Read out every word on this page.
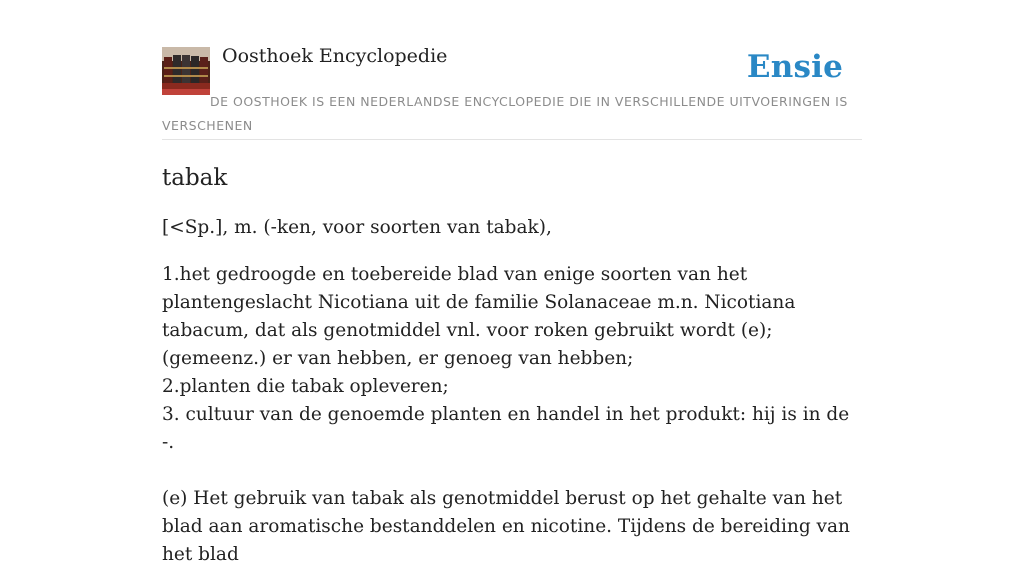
Oosthoek Encyclopedie	Ensie
DE OOSTHOEK IS EEN NEDERLANDSE ENCYCLOPEDIE DIE IN VERSCHILLENDE UITVOERINGEN IS VERSCHENEN
tabak

[<Sp.], m. (-ken, voor soorten van tabak),

1.het gedroogde en toebereide blad van enige soorten van het plantengeslacht Nicotiana uit de familie Solanaceae m.n. Nicotiana tabacum, dat als genotmiddel vnl. voor roken gebruikt wordt (e); (gemeenz.) er van hebben, er genoeg van hebben;
2.planten die tabak opleveren;
3. cultuur van de genoemde planten en handel in het produkt: hij is in de -.

(e) Het gebruik van tabak als genotmiddel berust op het gehalte van het blad aan aromatische bestanddelen en nicotine. Tijdens de bereiding van het blad
